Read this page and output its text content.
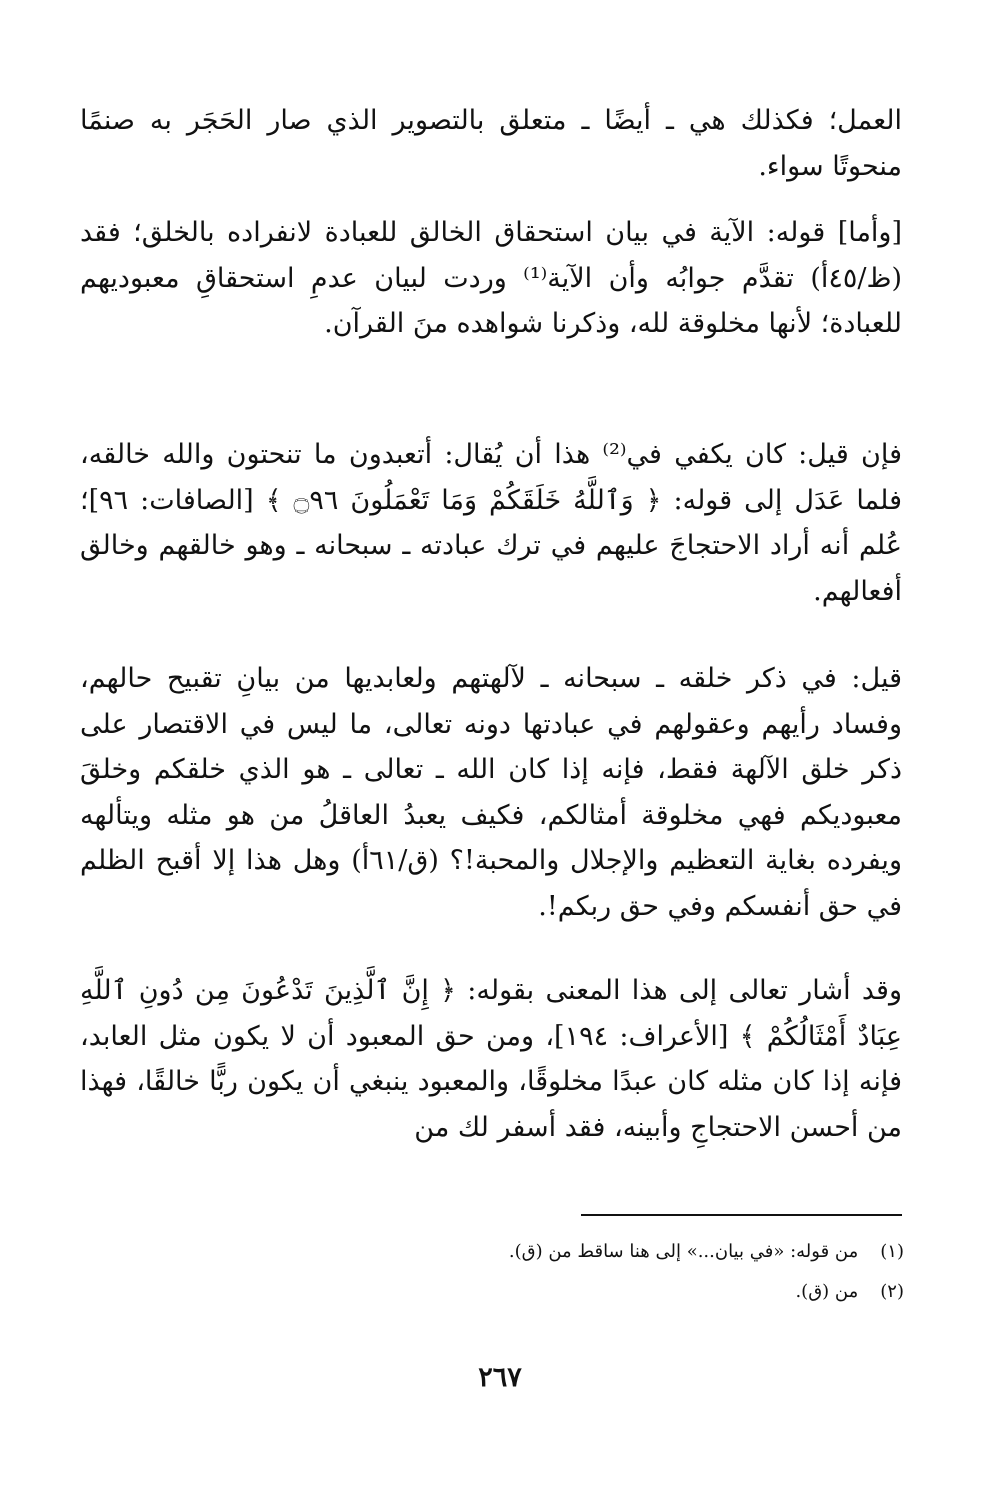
العمل؛ فكذلك هي ـ أيضًا ـ متعلق بالتصوير الذي صار الحَجَر به صنمًا منحوتًا سواء.

[وأما] قوله: الآية في بيان استحقاق الخالق للعبادة لانفراده بالخلق؛ فقد (ظ/٤٥أ) تقدَّم جوابُه وأن الآية⁽¹⁾ وردت لبيان عدمِ استحقاقِ معبوديهم للعبادة؛ لأنها مخلوقة لله، وذكرنا شواهده منَ القرآن.

فإن قيل: كان يكفي في⁽²⁾ هذا أن يُقال: أتعبدون ما تنحتون والله خالقه، فلما عَدَل إلى قوله: ﴿ وَٱللَّهُ خَلَقَكُمْ وَمَا تَعْمَلُونَ ۝٩٦ ﴾ [الصافات: ٩٦]؛ عُلم أنه أراد الاحتجاجَ عليهم في ترك عبادته ـ سبحانه ـ وهو خالقهم وخالق أفعالهم.

قيل: في ذكر خلقه ـ سبحانه ـ لآلهتهم ولعابديها من بيانِ تقبيح حالهم، وفساد رأيهم وعقولهم في عبادتها دونه تعالى، ما ليس في الاقتصار على ذكر خلق الآلهة فقط، فإنه إذا كان الله ـ تعالى ـ هو الذي خلقكم وخلقَ معبوديكم فهي مخلوقة أمثالكم، فكيف يعبدُ العاقلُ من هو مثله ويتألهه ويفرده بغاية التعظيم والإجلال والمحبة!؟ (ق/٦١أ) وهل هذا إلا أقبح الظلم في حق أنفسكم وفي حق ربكم!.

وقد أشار تعالى إلى هذا المعنى بقوله: ﴿ إِنَّ ٱلَّذِينَ تَدْعُونَ مِن دُونِ ٱللَّهِ عِبَادٌ أَمْثَالُكُمْ ﴾ [الأعراف: ١٩٤]، ومن حق المعبود أن لا يكون مثل العابد، فإنه إذا كان مثله كان عبدًا مخلوقًا، والمعبود ينبغي أن يكون ربًّا خالقًا، فهذا من أحسن الاحتجاجِ وأبينه، فقد أسفر لك من

(١)من قوله: «في بيان...» إلى هنا ساقط من (ق).
(٢)من (ق).
٢٦٧
